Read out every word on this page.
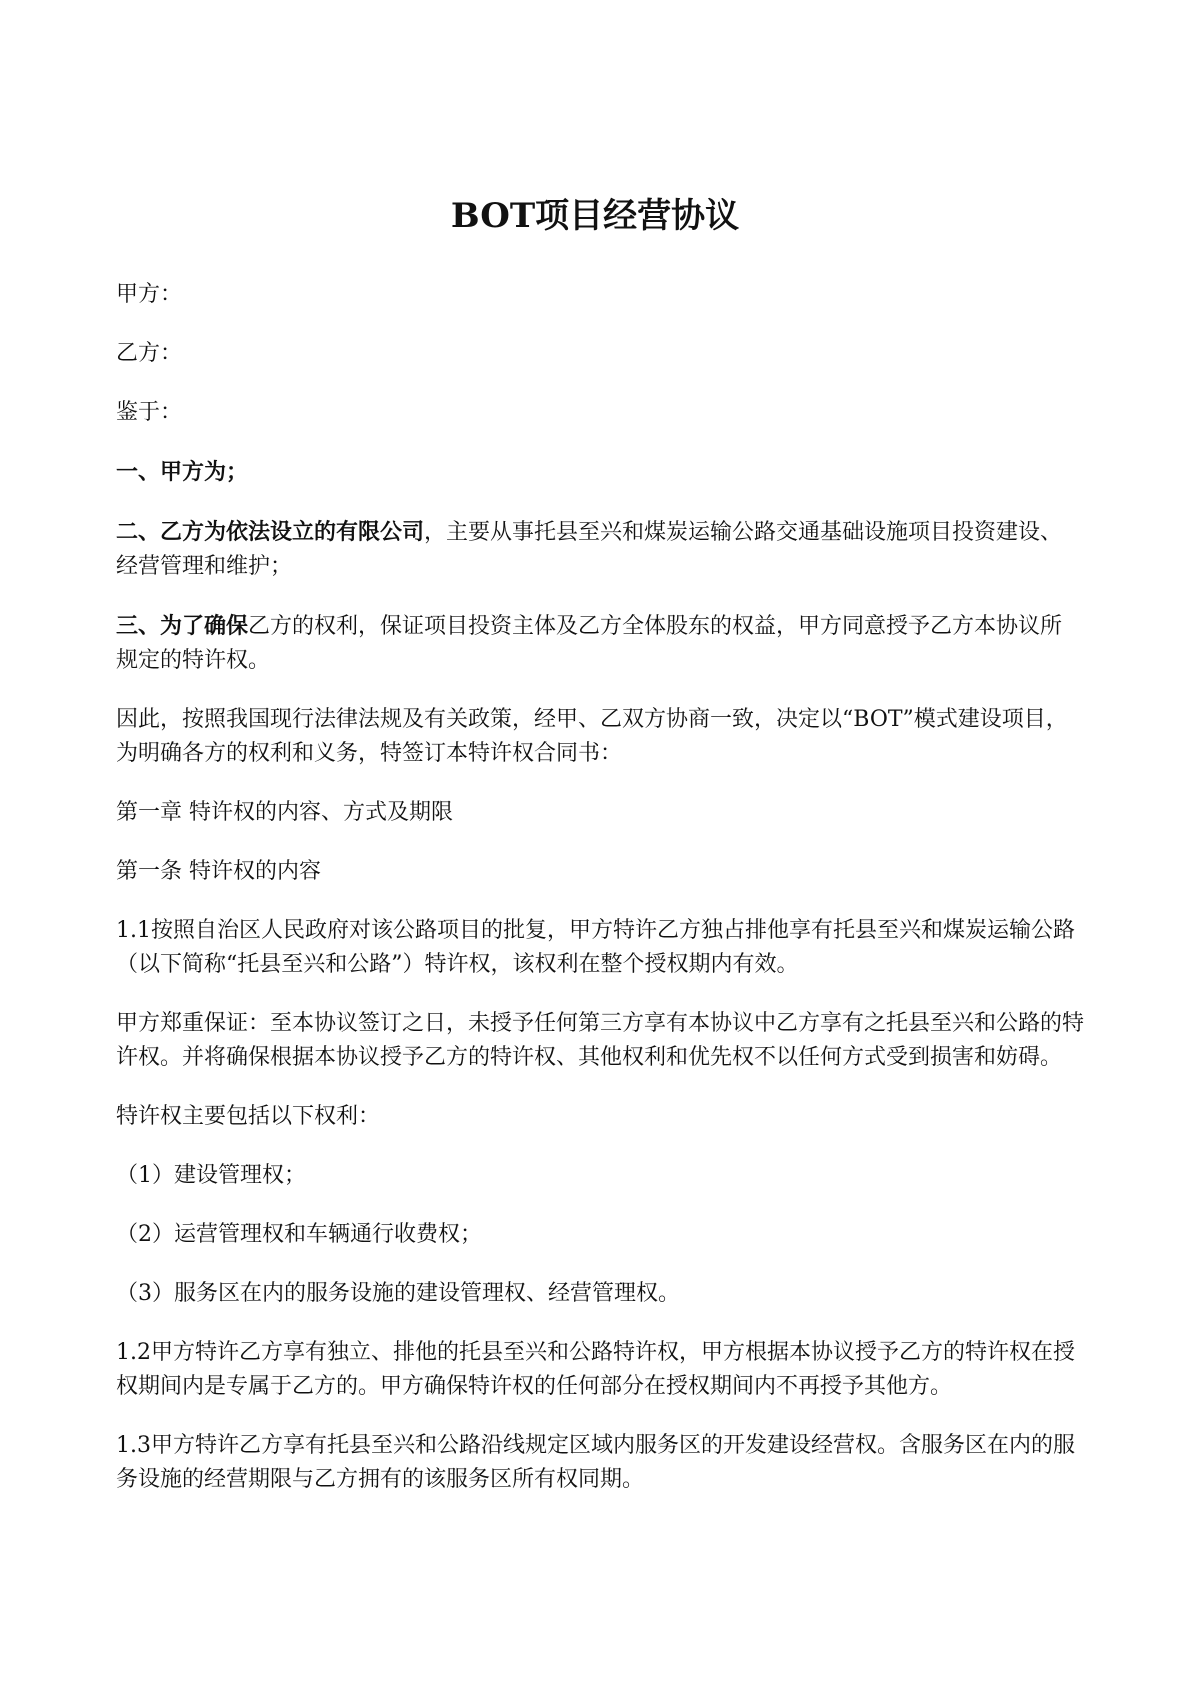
BOT项目经营协议

甲方：

乙方：

鉴于：

一、甲方为；

二、乙方为依法设立的有限公司，主要从事托县至兴和煤炭运输公路交通基础设施项目投资建设、经营管理和维护；

三、为了确保乙方的权利，保证项目投资主体及乙方全体股东的权益，甲方同意授予乙方本协议所规定的特许权。

因此，按照我国现行法律法规及有关政策，经甲、乙双方协商一致，决定以“BOT”模式建设项目，为明确各方的权利和义务，特签订本特许权合同书：

第一章 特许权的内容、方式及期限

第一条 特许权的内容

1.1按照自治区人民政府对该公路项目的批复，甲方特许乙方独占排他享有托县至兴和煤炭运输公路（以下简称“托县至兴和公路”）特许权，该权利在整个授权期内有效。

甲方郑重保证：至本协议签订之日，未授予任何第三方享有本协议中乙方享有之托县至兴和公路的特许权。并将确保根据本协议授予乙方的特许权、其他权利和优先权不以任何方式受到损害和妨碍。

特许权主要包括以下权利：

（1）建设管理权；

（2）运营管理权和车辆通行收费权；

（3）服务区在内的服务设施的建设管理权、经营管理权。

1.2甲方特许乙方享有独立、排他的托县至兴和公路特许权，甲方根据本协议授予乙方的特许权在授权期间内是专属于乙方的。甲方确保特许权的任何部分在授权期间内不再授予其他方。

1.3甲方特许乙方享有托县至兴和公路沿线规定区域内服务区的开发建设经营权。含服务区在内的服务设施的经营期限与乙方拥有的该服务区所有权同期。
